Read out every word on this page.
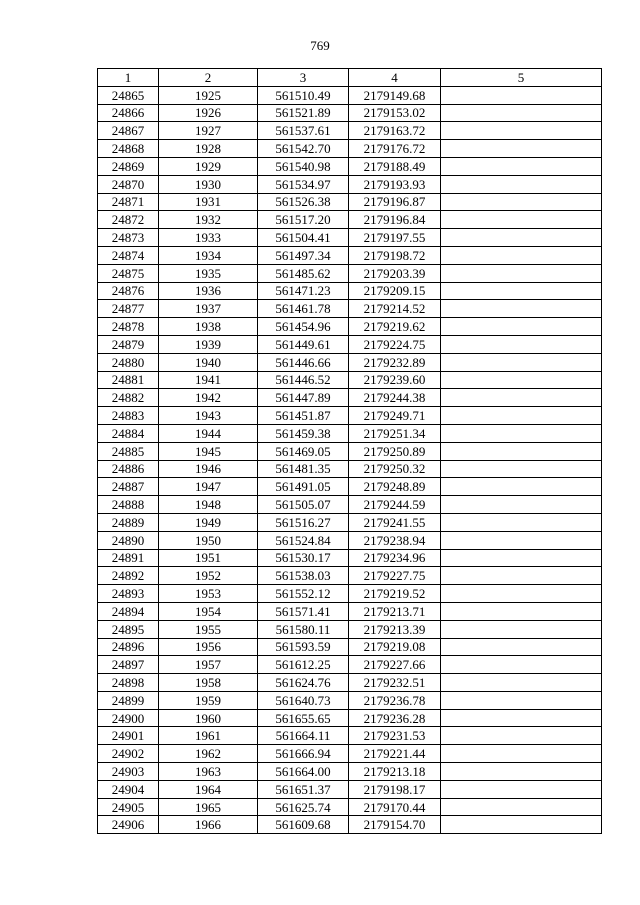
769
1	2	3	4	5
24865	1925	561510.49	2179149.68	
24866	1926	561521.89	2179153.02	
24867	1927	561537.61	2179163.72	
24868	1928	561542.70	2179176.72	
24869	1929	561540.98	2179188.49	
24870	1930	561534.97	2179193.93	
24871	1931	561526.38	2179196.87	
24872	1932	561517.20	2179196.84	
24873	1933	561504.41	2179197.55	
24874	1934	561497.34	2179198.72	
24875	1935	561485.62	2179203.39	
24876	1936	561471.23	2179209.15	
24877	1937	561461.78	2179214.52	
24878	1938	561454.96	2179219.62	
24879	1939	561449.61	2179224.75	
24880	1940	561446.66	2179232.89	
24881	1941	561446.52	2179239.60	
24882	1942	561447.89	2179244.38	
24883	1943	561451.87	2179249.71	
24884	1944	561459.38	2179251.34	
24885	1945	561469.05	2179250.89	
24886	1946	561481.35	2179250.32	
24887	1947	561491.05	2179248.89	
24888	1948	561505.07	2179244.59	
24889	1949	561516.27	2179241.55	
24890	1950	561524.84	2179238.94	
24891	1951	561530.17	2179234.96	
24892	1952	561538.03	2179227.75	
24893	1953	561552.12	2179219.52	
24894	1954	561571.41	2179213.71	
24895	1955	561580.11	2179213.39	
24896	1956	561593.59	2179219.08	
24897	1957	561612.25	2179227.66	
24898	1958	561624.76	2179232.51	
24899	1959	561640.73	2179236.78	
24900	1960	561655.65	2179236.28	
24901	1961	561664.11	2179231.53	
24902	1962	561666.94	2179221.44	
24903	1963	561664.00	2179213.18	
24904	1964	561651.37	2179198.17	
24905	1965	561625.74	2179170.44	
24906	1966	561609.68	2179154.70	
